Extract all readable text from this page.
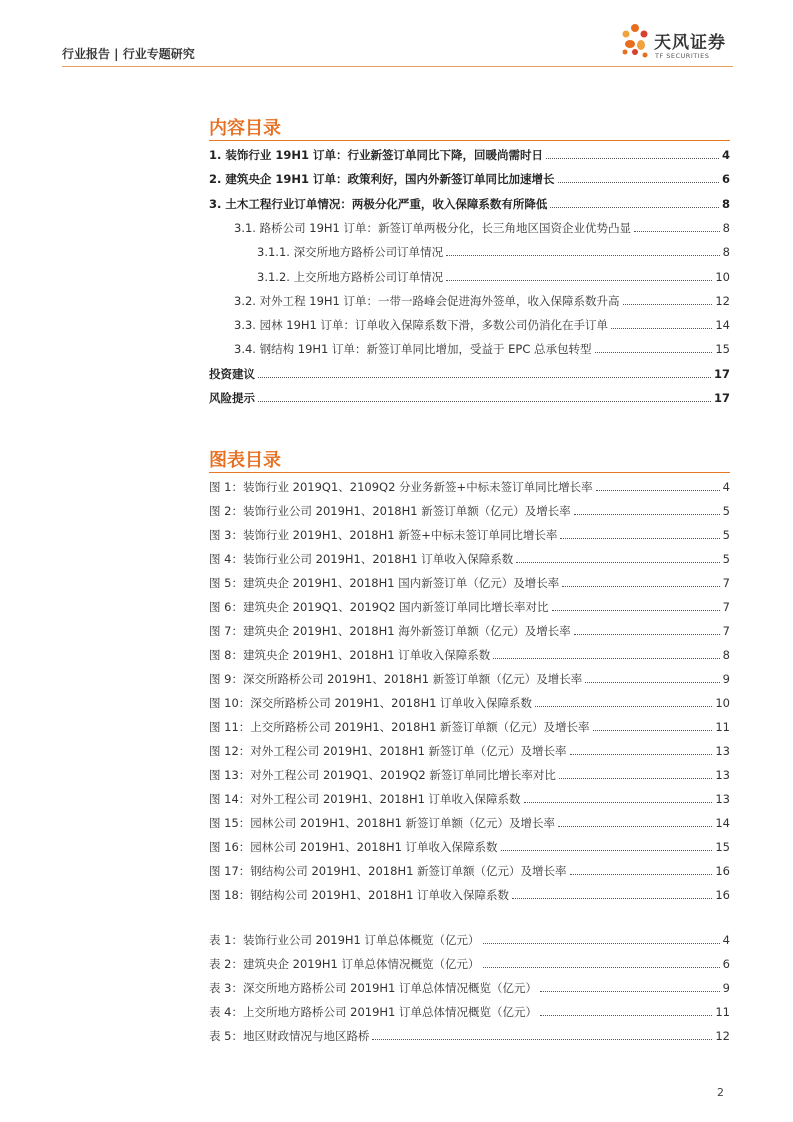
行业报告 | 行业专题研究
天风证券
TF SECURITIES
内容目录
1. 装饰行业 19H1 订单：行业新签订单同比下降，回暖尚需时日	4
2. 建筑央企 19H1 订单：政策利好，国内外新签订单同比加速增长	6
3. 土木工程行业订单情况：两极分化严重，收入保障系数有所降低	8
3.1. 路桥公司 19H1 订单：新签订单两极分化，长三角地区国资企业优势凸显	8
3.1.1. 深交所地方路桥公司订单情况	8
3.1.2. 上交所地方路桥公司订单情况	10
3.2. 对外工程 19H1 订单：一带一路峰会促进海外签单，收入保障系数升高	12
3.3. 园林 19H1 订单：订单收入保障系数下滑，多数公司仍消化在手订单	14
3.4. 钢结构 19H1 订单：新签订单同比增加，受益于 EPC 总承包转型	15
投资建议	17
风险提示	17
图表目录
图 1：装饰行业 2019Q1、2109Q2 分业务新签+中标未签订单同比增长率	4
图 2：装饰行业公司 2019H1、2018H1 新签订单额（亿元）及增长率	5
图 3：装饰行业 2019H1、2018H1 新签+中标未签订单同比增长率	5
图 4：装饰行业公司 2019H1、2018H1 订单收入保障系数	5
图 5：建筑央企 2019H1、2018H1 国内新签订单（亿元）及增长率	7
图 6：建筑央企 2019Q1、2019Q2 国内新签订单同比增长率对比	7
图 7：建筑央企 2019H1、2018H1 海外新签订单额（亿元）及增长率	7
图 8：建筑央企 2019H1、2018H1 订单收入保障系数	8
图 9：深交所路桥公司 2019H1、2018H1 新签订单额（亿元）及增长率	9
图 10：深交所路桥公司 2019H1、2018H1 订单收入保障系数	10
图 11：上交所路桥公司 2019H1、2018H1 新签订单额（亿元）及增长率	11
图 12：对外工程公司 2019H1、2018H1 新签订单（亿元）及增长率	13
图 13：对外工程公司 2019Q1、2019Q2 新签订单同比增长率对比	13
图 14：对外工程公司 2019H1、2018H1 订单收入保障系数	13
图 15：园林公司 2019H1、2018H1 新签订单额（亿元）及增长率	14
图 16：园林公司 2019H1、2018H1 订单收入保障系数	15
图 17：钢结构公司 2019H1、2018H1 新签订单额（亿元）及增长率	16
图 18：钢结构公司 2019H1、2018H1 订单收入保障系数	16
表 1：装饰行业公司 2019H1 订单总体概览（亿元）	4
表 2：建筑央企 2019H1 订单总体情况概览（亿元）	6
表 3：深交所地方路桥公司 2019H1 订单总体情况概览（亿元）	9
表 4：上交所地方路桥公司 2019H1 订单总体情况概览（亿元）	11
表 5：地区财政情况与地区路桥	12
2
